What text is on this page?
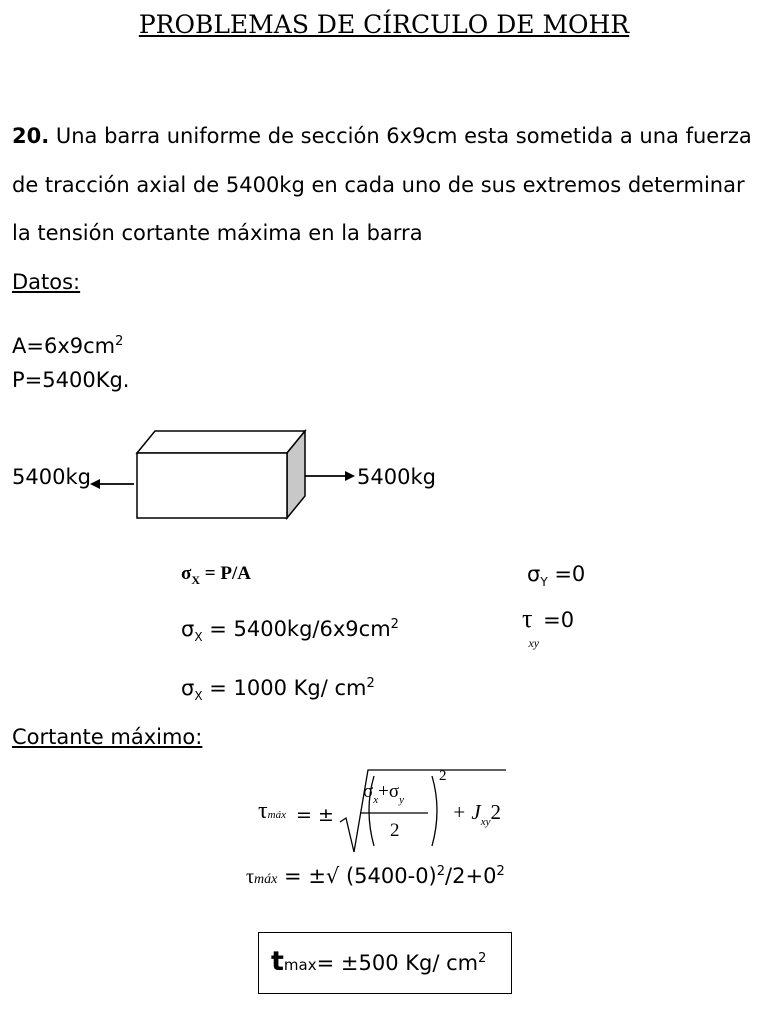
PROBLEMAS DE CÍRCULO DE MOHR
20. Una barra uniforme de sección 6x9cm esta sometida a una fuerza
de tracción axial de 5400kg en cada uno de sus extremos determinar
la tensión cortante máxima en la barra
Datos:
$A=6x9cm^2$
P=5400Kg.
5400kg	5400kg
$\sigma_X = P/A$	$\sigma_Y =0$
$\tau_{xy}=0$
$\sigma_X = 5400kg/6x9cm^2$
$\sigma_X = 1000$ Kg/ $cm^2$
Cortante máximo:
τmáx = ±
$\sigma_x+\sigma_y$
2
2
+ $J_{xy}2$
τmáx = ±√ $(5400-0)^2/2+0^2$
tmax= ±500 Kg/ $cm^2$
